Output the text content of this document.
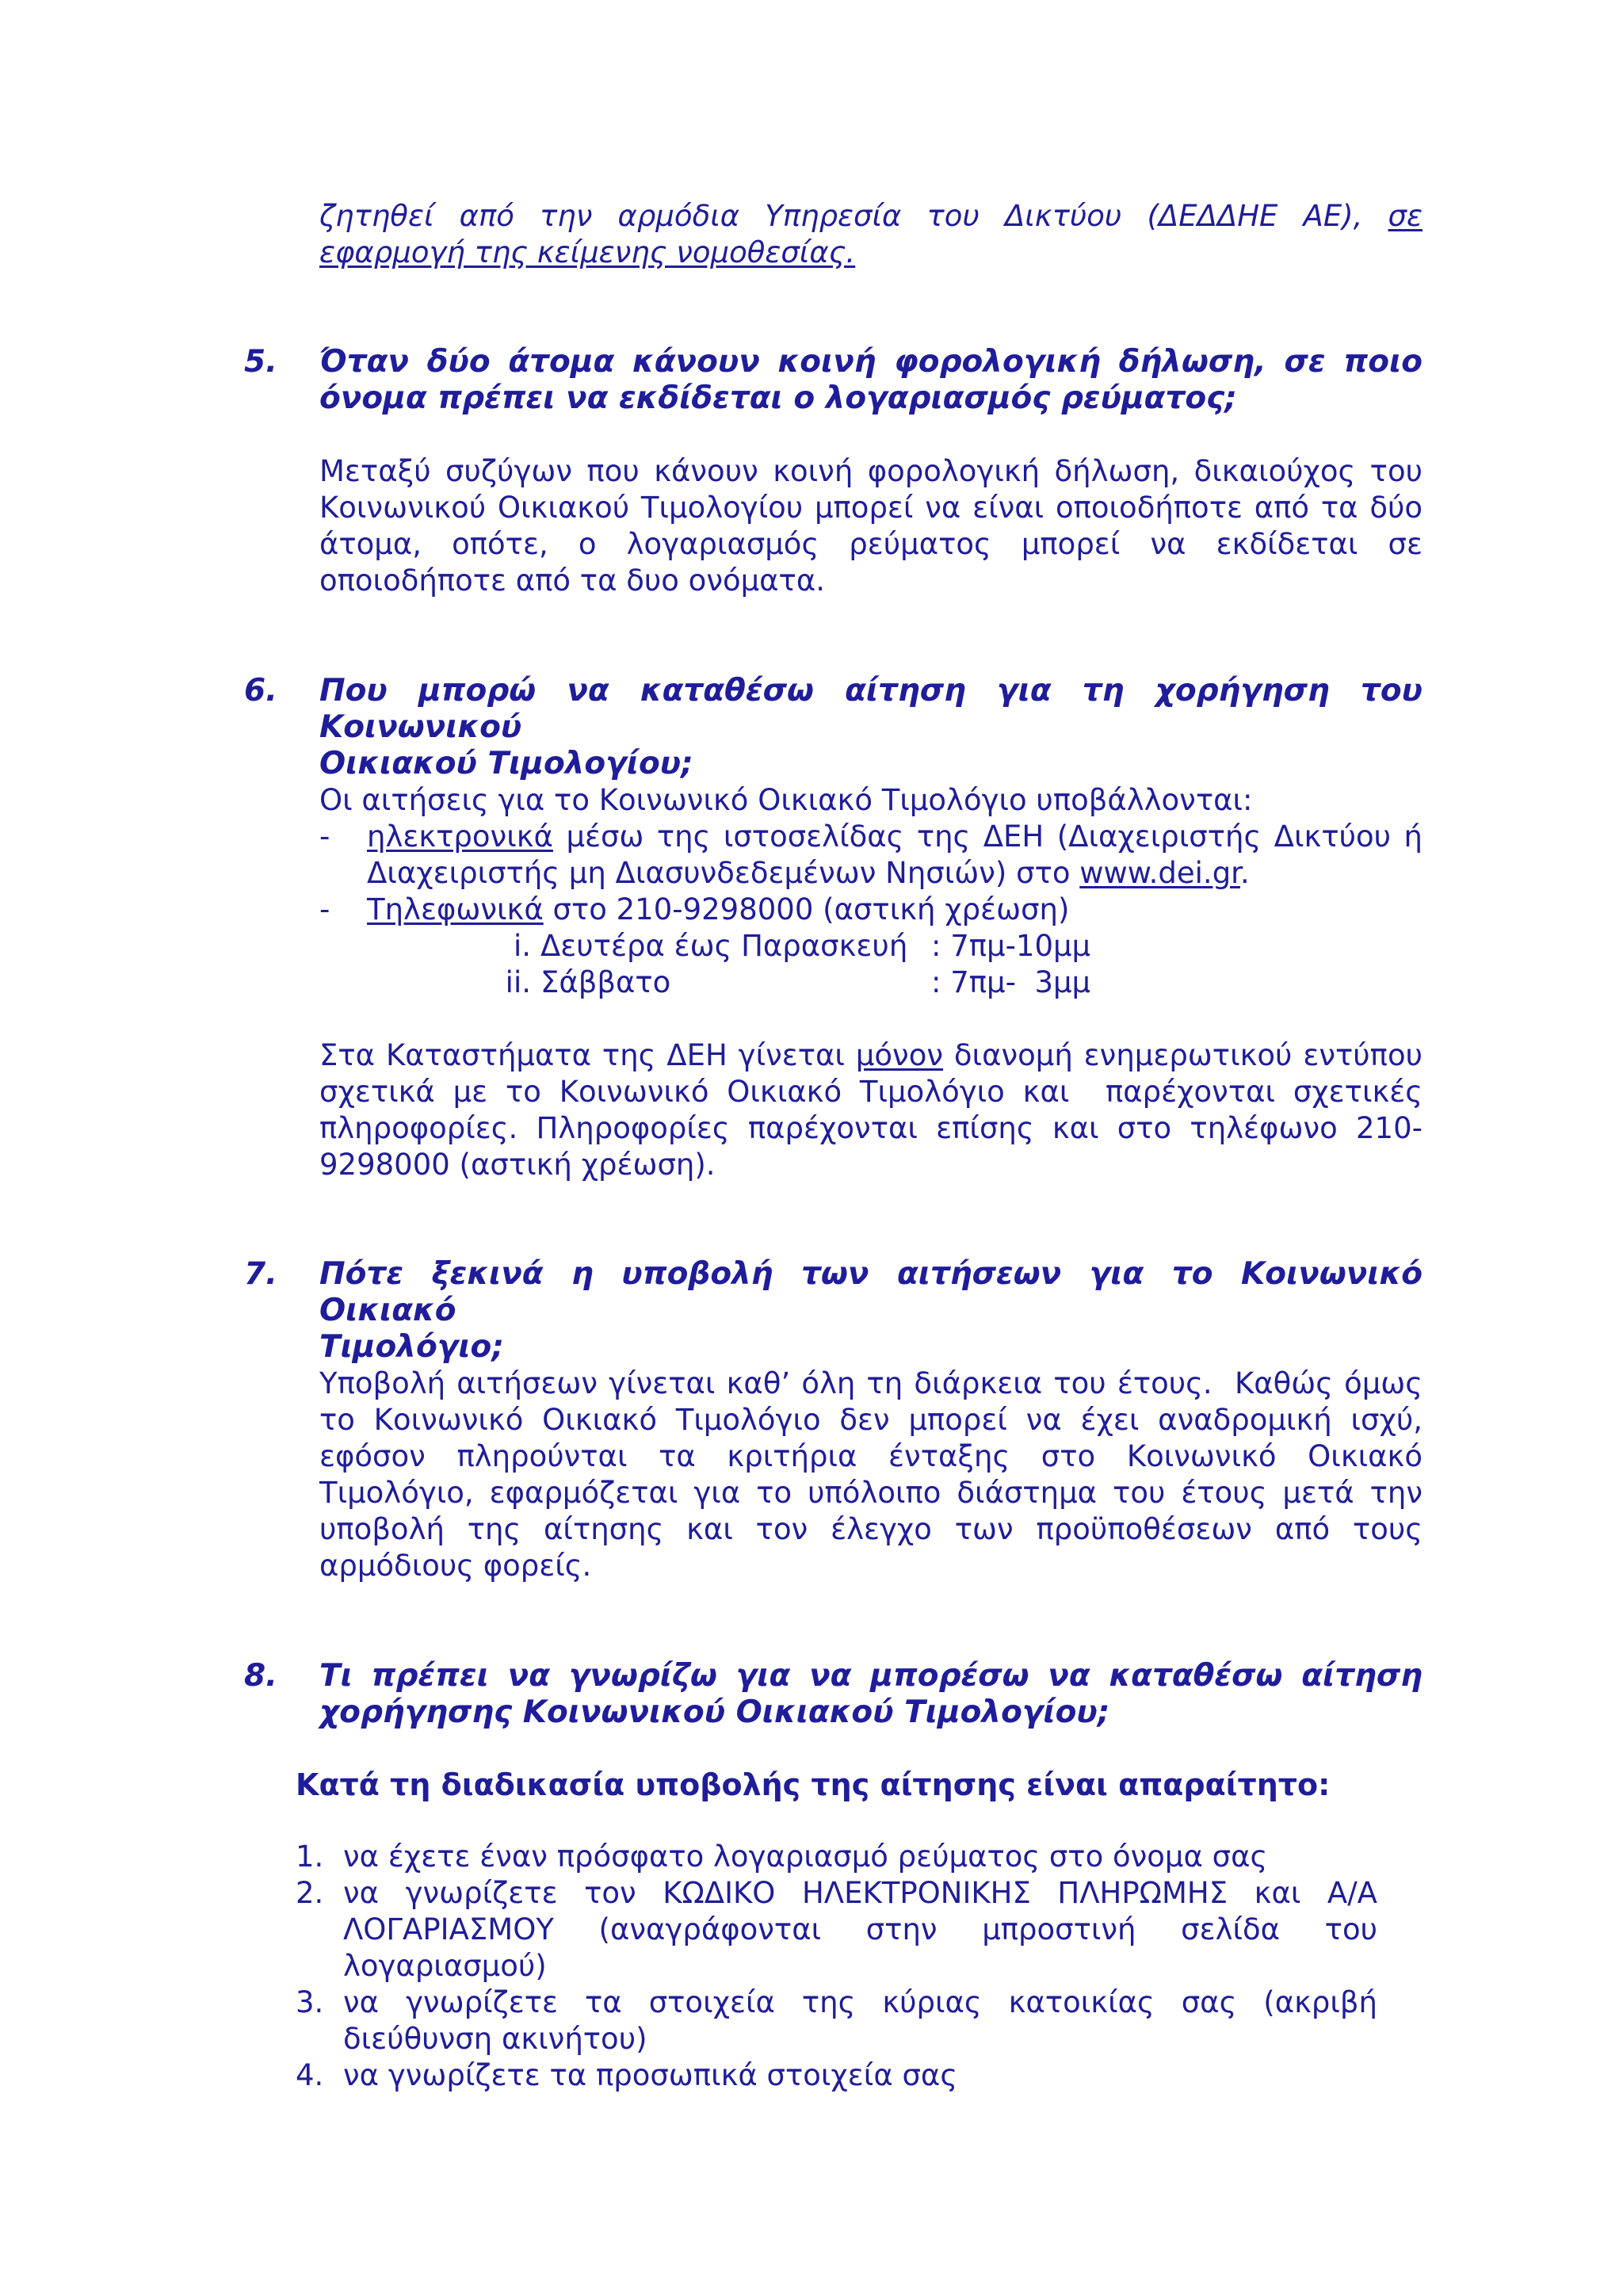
ζητηθεί από την αρμόδια Υπηρεσία του Δικτύου (ΔΕΔΔΗΕ ΑΕ), σε
εφαρμογή της κείμενης νομοθεσίας.
5. Όταν δύο άτομα κάνουν κοινή φορολογική δήλωση, σε ποιο
όνομα πρέπει να εκδίδεται ο λογαριασμός ρεύματος;
Μεταξύ συζύγων που κάνουν κοινή φορολογική δήλωση, δικαιούχος του
Κοινωνικού Οικιακού Τιμολογίου μπορεί να είναι οποιοδήποτε από τα δύο
άτομα, οπότε, ο λογαριασμός ρεύματος μπορεί να εκδίδεται σε
οποιοδήποτε από τα δυο ονόματα.
6. Που μπορώ να καταθέσω αίτηση για τη χορήγηση του Κοινωνικού
Οικιακού Τιμολογίου;
Οι αιτήσεις για το Κοινωνικό Οικιακό Τιμολόγιο υποβάλλονται:
- ηλεκτρονικά μέσω της ιστοσελίδας της ΔΕΗ (Διαχειριστής Δικτύου ή
Διαχειριστής μη Διασυνδεδεμένων Νησιών) στο www.dei.gr.
- Τηλεφωνικά στο 210-9298000 (αστική χρέωση)
i. Δευτέρα έως Παρασκευή : 7πμ-10μμ
ii. Σάββατο	: 7πμ-  3μμ
Στα Καταστήματα της ΔΕΗ γίνεται μόνον διανομή ενημερωτικού εντύπου
σχετικά με το Κοινωνικό Οικιακό Τιμολόγιο και  παρέχονται σχετικές
πληροφορίες. Πληροφορίες παρέχονται επίσης και στο τηλέφωνο 210-
9298000 (αστική χρέωση).
7. Πότε ξεκινά η υποβολή των αιτήσεων για το Κοινωνικό Οικιακό
Τιμολόγιο;
Υποβολή αιτήσεων γίνεται καθ’ όλη τη διάρκεια του έτους.  Καθώς όμως
το Κοινωνικό Οικιακό Τιμολόγιο δεν μπορεί να έχει αναδρομική ισχύ,
εφόσον πληρούνται τα κριτήρια ένταξης στο Κοινωνικό Οικιακό
Τιμολόγιο, εφαρμόζεται για το υπόλοιπο διάστημα του έτους μετά την
υποβολή της αίτησης και τον έλεγχο των προϋποθέσεων από τους
αρμόδιους φορείς.
8. Τι πρέπει να γνωρίζω για να μπορέσω να καταθέσω αίτηση
χορήγησης Κοινωνικού Οικιακού Τιμολογίου;
Κατά τη διαδικασία υποβολής της αίτησης είναι απαραίτητο:
1. να έχετε έναν πρόσφατο λογαριασμό ρεύματος στο όνομα σας
2. να γνωρίζετε τον ΚΩΔΙΚΟ ΗΛΕΚΤΡΟΝΙΚΗΣ ΠΛΗΡΩΜΗΣ και Α/Α
ΛΟΓΑΡΙΑΣΜΟΥ (αναγράφονται στην μπροστινή σελίδα του
λογαριασμού)
3. να γνωρίζετε τα στοιχεία της κύριας κατοικίας σας (ακριβή
διεύθυνση ακινήτου)
4. να γνωρίζετε τα προσωπικά στοιχεία σας
